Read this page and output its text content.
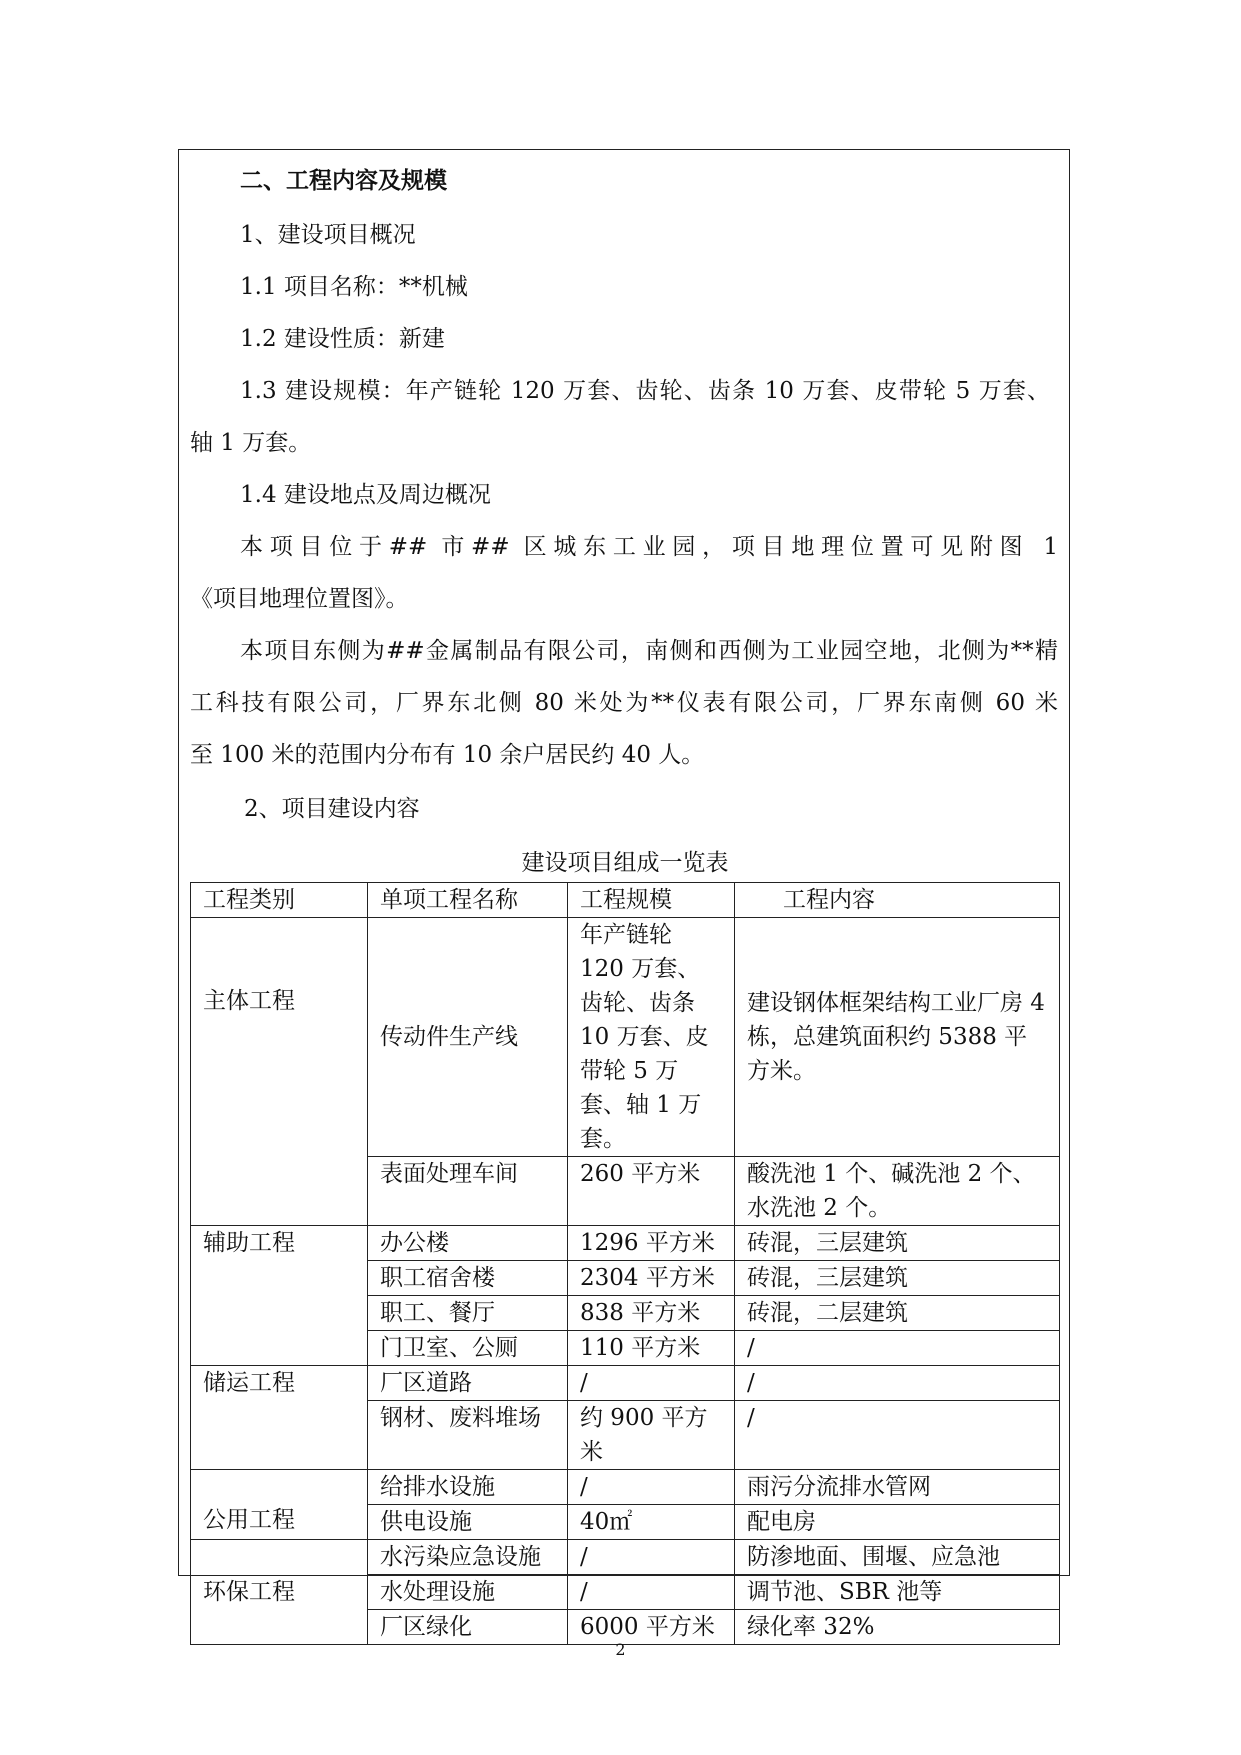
二、工程内容及规模
1、建设项目概况
1.1 项目名称：**机械
1.2 建设性质：新建
1.3 建设规模：年产链轮 120 万套、齿轮、齿条 10 万套、皮带轮 5 万套、
轴 1 万套。
1.4 建设地点及周边概况
本项目位于## 市## 区城东工业园，项目地理位置可见附图 1
《项目地理位置图》。
本项目东侧为##金属制品有限公司，南侧和西侧为工业园空地，北侧为**精
工科技有限公司，厂界东北侧 80 米处为**仪表有限公司，厂界东南侧 60 米
至 100 米的范围内分布有 10 余户居民约 40 人。
2、项目建设内容
建设项目组成一览表
工程类别	单项工程名称	工程规模	工程内容
主体工程	传动件生产线	年产链轮 120 万套、齿轮、齿条 10 万套、皮带轮 5 万套、轴 1 万套。	建设钢体框架结构工业厂房 4 栋，总建筑面积约 5388 平方米。
	表面处理车间	260 平方米	酸洗池 1 个、碱洗池 2 个、水洗池 2 个。
辅助工程	办公楼	1296 平方米	砖混，三层建筑
	职工宿舍楼	2304 平方米	砖混，三层建筑
	职工、餐厅	838 平方米	砖混，二层建筑
	门卫室、公厕	110 平方米	/
储运工程	厂区道路	/	/
	钢材、废料堆场	约 900 平方米	/
公用工程	给排水设施	/	雨污分流排水管网
	供电设施	40㎡	配电房
环保工程	水污染应急设施	/	防渗地面、围堰、应急池
	水处理设施	/	调节池、SBR 池等
	厂区绿化	6000 平方米	绿化率 32%
2
